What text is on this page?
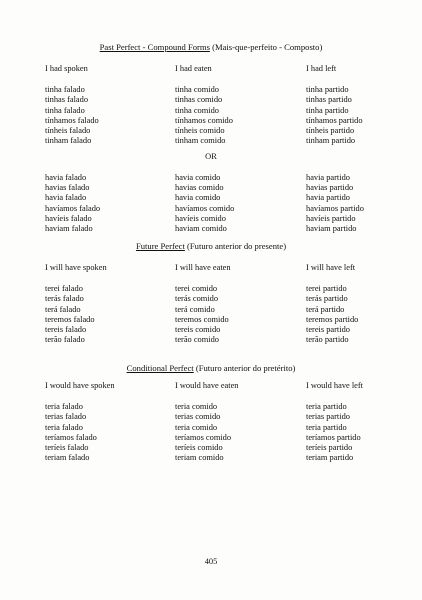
Past Perfect - Compound Forms (Mais-que-perfeito - Composto)
I had spoken
tinha falado
tinhas falado
tinha falado
tínhamos falado
tínheis falado
tinham falado
I had eaten
tinha comido
tinhas comido
tinha comido
tínhamos comido
tínheis comido
tinham comido
I had left
tinha partido
tinhas partido
tinha partido
tínhamos partido
tínheis partido
tinham partido
OR
havia falado
havias falado
havia falado
havíamos falado
havíeis falado
haviam falado
havia comido
havias comido
havia comido
havíamos comido
havíeis comido
haviam comido
havia partido
havias partido
havia partido
havíamos partido
havíeis partido
haviam partido
Future Perfect (Futuro anterior do presente)
I will have spoken
terei falado
terás falado
terá falado
teremos falado
tereis falado
terão falado
I will have eaten
terei comido
terás comido
terá comido
teremos comido
tereis comido
terão comido
I will have left
terei partido
terás partido
terá partido
teremos partido
tereis partido
terão partido
Conditional Perfect (Futuro anterior do pretérito)
I would have spoken
teria falado
terias falado
teria falado
teríamos falado
teríeis falado
teriam falado
I would have eaten
teria comido
terias comido
teria comido
teríamos comido
teríeis comido
teriam comido
I would have left
teria partido
terias partido
teria partido
teríamos partido
teríeis partido
teriam partido
405
